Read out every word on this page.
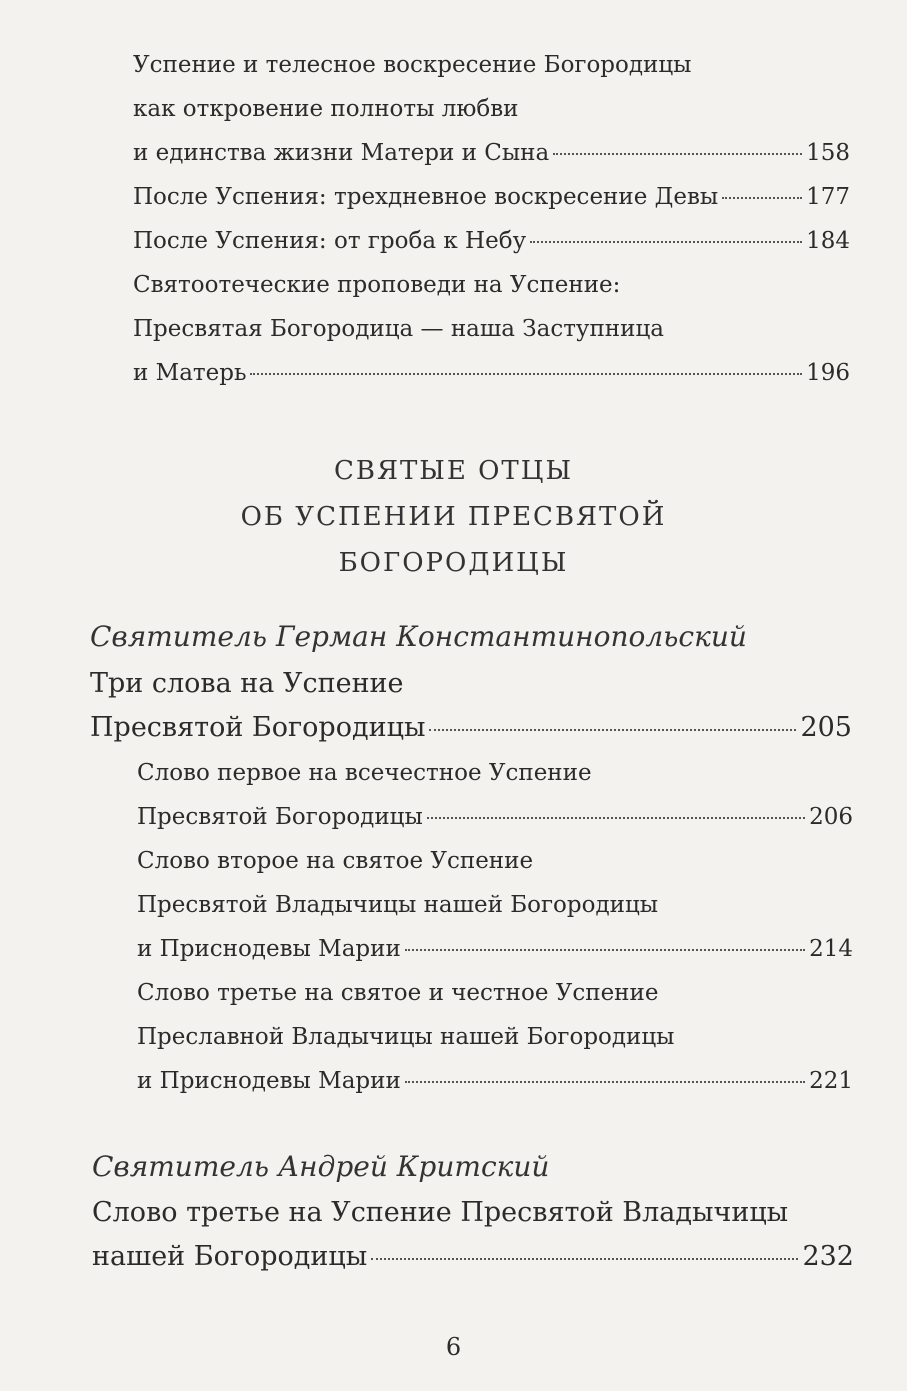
Успение и телесное воскресение Богородицы
как откровение полноты любви
и единства жизни Матери и Сына	158
После Успения: трехдневное воскресение Девы	177
После Успения: от гроба к Небу	184
Святоотеческие проповеди на Успение:
Пресвятая Богородица — наша Заступница
и Матерь	196
СВЯТЫЕ ОТЦЫ
ОБ УСПЕНИИ ПРЕСВЯТОЙ
БОГОРОДИЦЫ
Святитель Герман Константинопольский
Три слова на Успение
Пресвятой Богородицы	205
Слово первое на всечестное Успение
Пресвятой Богородицы	206
Слово второе на святое Успение
Пресвятой Владычицы нашей Богородицы
и Приснодевы Марии	214
Слово третье на святое и честное Успение
Преславной Владычицы нашей Богородицы
и Приснодевы Марии	221
Святитель Андрей Критский
Слово третье на Успение Пресвятой Владычицы
нашей Богородицы	232
6
